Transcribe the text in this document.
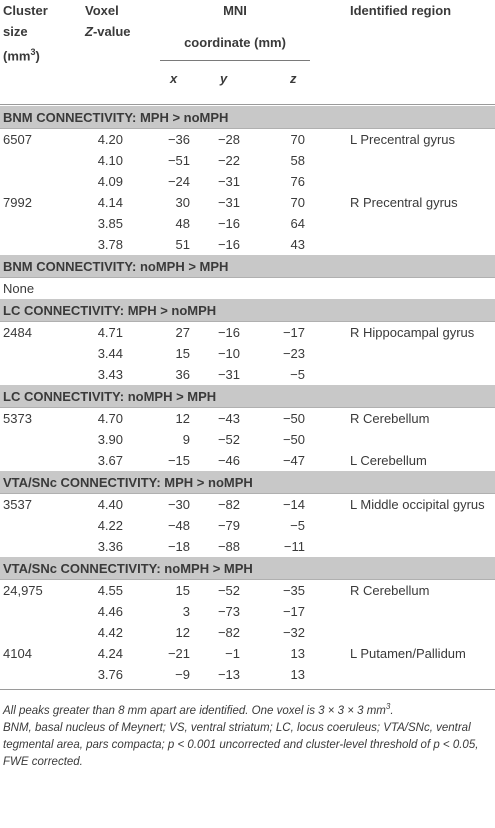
Cluster
size
$(mm^3)$
Voxel
Z-value
MNI
coordinate (mm)
x	y	z
Identified region
BNM CONNECTIVITY: MPH > noMPH
6507	4.20	−36	−28	70	L Precentral gyrus
4.10	−51	−22	58
4.09	−24	−31	76
7992	4.14	30	−31	70	R Precentral gyrus
3.85	48	−16	64
3.78	51	−16	43
BNM CONNECTIVITY: noMPH > MPH
None
LC CONNECTIVITY: MPH > noMPH
2484	4.71	27	−16	−17	R Hippocampal gyrus
3.44	15	−10	−23
3.43	36	−31	−5
LC CONNECTIVITY: noMPH > MPH
5373	4.70	12	−43	−50	R Cerebellum
3.90	9	−52	−50
3.67	−15	−46	−47	L Cerebellum
VTA/SNc CONNECTIVITY: MPH > noMPH
3537	4.40	−30	−82	−14	L Middle occipital gyrus
4.22	−48	−79	−5
3.36	−18	−88	−11
VTA/SNc CONNECTIVITY: noMPH > MPH
24,975	4.55	15	−52	−35	R Cerebellum
4.46	3	−73	−17
4.42	12	−82	−32
4104	4.24	−21	−1	13	L Putamen/Pallidum
3.76	−9	−13	13
All peaks greater than 8 mm apart are identified. One voxel is 3 × 3 × 3 $mm^3$.
BNM, basal nucleus of Meynert; VS, ventral striatum; LC, locus coeruleus; VTA/SNc, ventral tegmental area, pars compacta; p < 0.001 uncorrected and cluster-level threshold of p < 0.05, FWE corrected.
